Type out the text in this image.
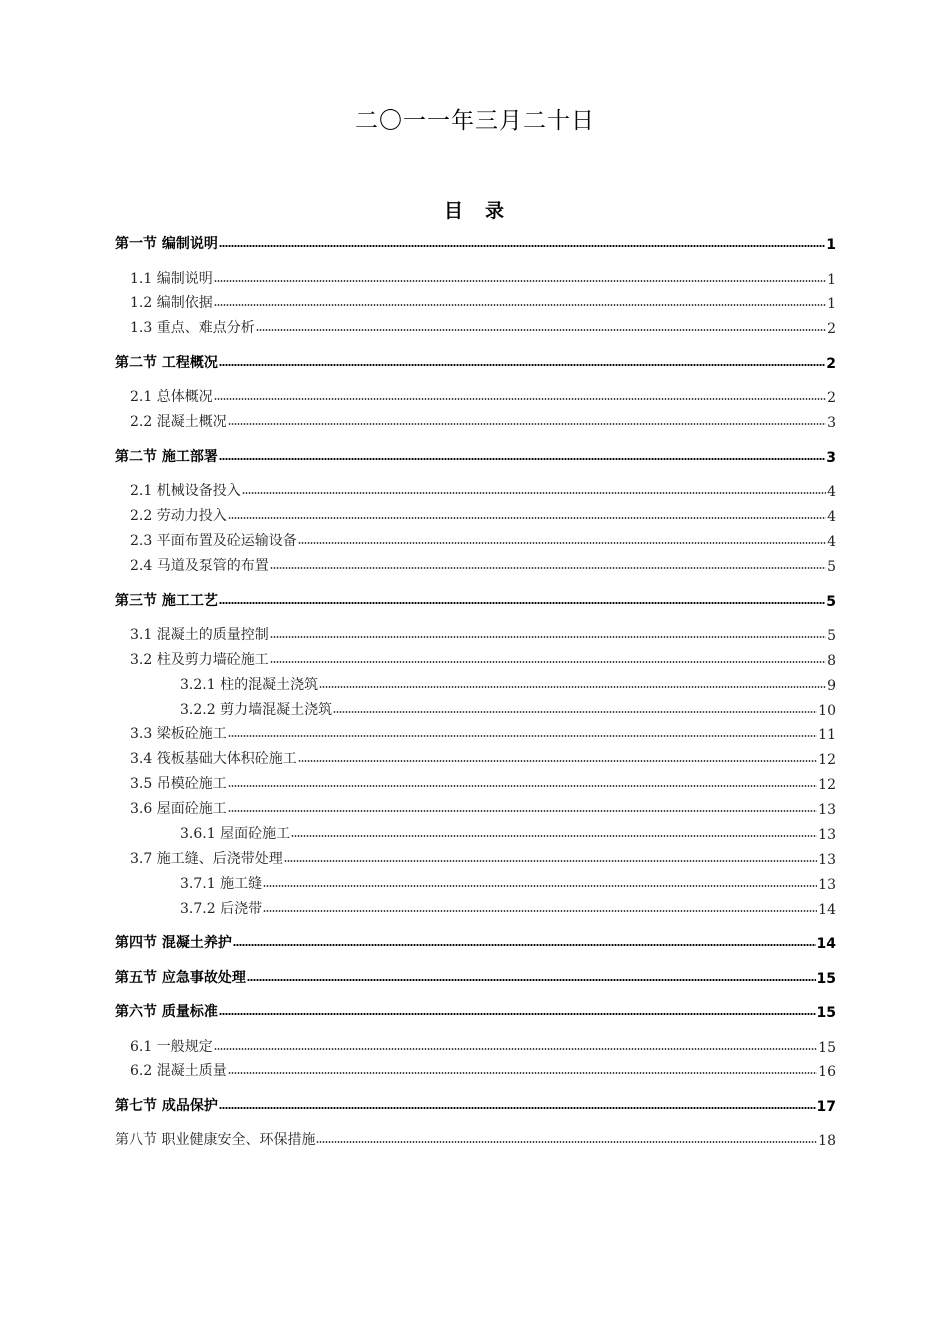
二〇一一年三月二十日
目 录
第一节 编制说明	1
1.1 编制说明	1
1.2 编制依据	1
1.3 重点、难点分析	2
第二节 工程概况	2
2.1 总体概况	2
2.2 混凝土概况	3
第二节 施工部署	3
2.1 机械设备投入	4
2.2 劳动力投入	4
2.3 平面布置及砼运输设备	4
2.4 马道及泵管的布置	5
第三节 施工工艺	5
3.1 混凝土的质量控制	5
3.2 柱及剪力墙砼施工	8
3.2.1 柱的混凝土浇筑	9
3.2.2 剪力墙混凝土浇筑	10
3.3 梁板砼施工	11
3.4 筏板基础大体积砼施工	12
3.5 吊模砼施工	12
3.6 屋面砼施工	13
3.6.1 屋面砼施工	13
3.7 施工缝、后浇带处理	13
3.7.1 施工缝	13
3.7.2 后浇带	14
第四节 混凝土养护	14
第五节 应急事故处理	15
第六节 质量标准	15
6.1 一般规定	15
6.2 混凝土质量	16
第七节 成品保护	17
第八节 职业健康安全、环保措施	18
